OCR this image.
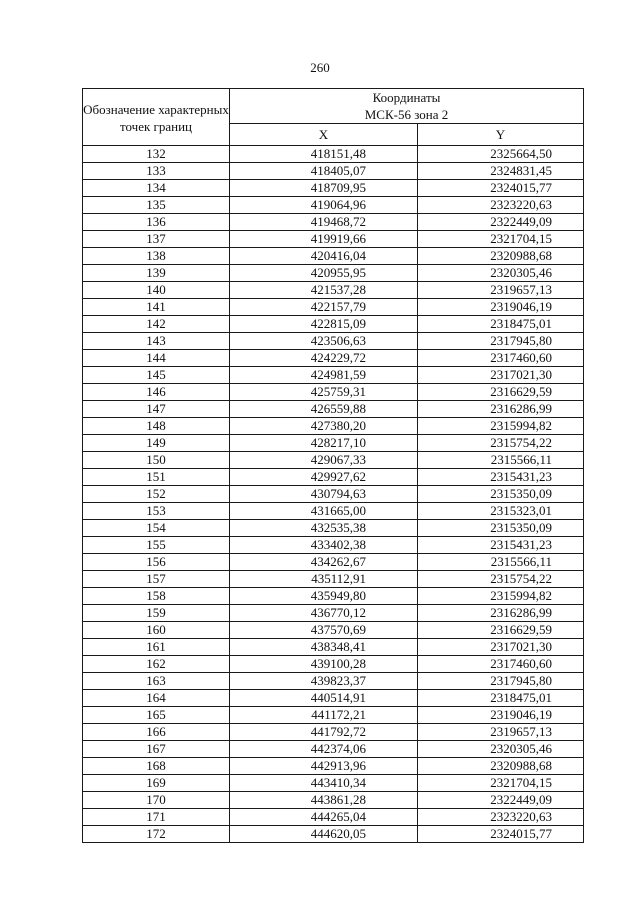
260
Обозначение характерных точек границ	Координаты
МСК-56 зона 2	

	X	Y
132	418151,48	2325664,50
133	418405,07	2324831,45
134	418709,95	2324015,77
135	419064,96	2323220,63
136	419468,72	2322449,09
137	419919,66	2321704,15
138	420416,04	2320988,68
139	420955,95	2320305,46
140	421537,28	2319657,13
141	422157,79	2319046,19
142	422815,09	2318475,01
143	423506,63	2317945,80
144	424229,72	2317460,60
145	424981,59	2317021,30
146	425759,31	2316629,59
147	426559,88	2316286,99
148	427380,20	2315994,82
149	428217,10	2315754,22
150	429067,33	2315566,11
151	429927,62	2315431,23
152	430794,63	2315350,09
153	431665,00	2315323,01
154	432535,38	2315350,09
155	433402,38	2315431,23
156	434262,67	2315566,11
157	435112,91	2315754,22
158	435949,80	2315994,82
159	436770,12	2316286,99
160	437570,69	2316629,59
161	438348,41	2317021,30
162	439100,28	2317460,60
163	439823,37	2317945,80
164	440514,91	2318475,01
165	441172,21	2319046,19
166	441792,72	2319657,13
167	442374,06	2320305,46
168	442913,96	2320988,68
169	443410,34	2321704,15
170	443861,28	2322449,09
171	444265,04	2323220,63
172	444620,05	2324015,77
